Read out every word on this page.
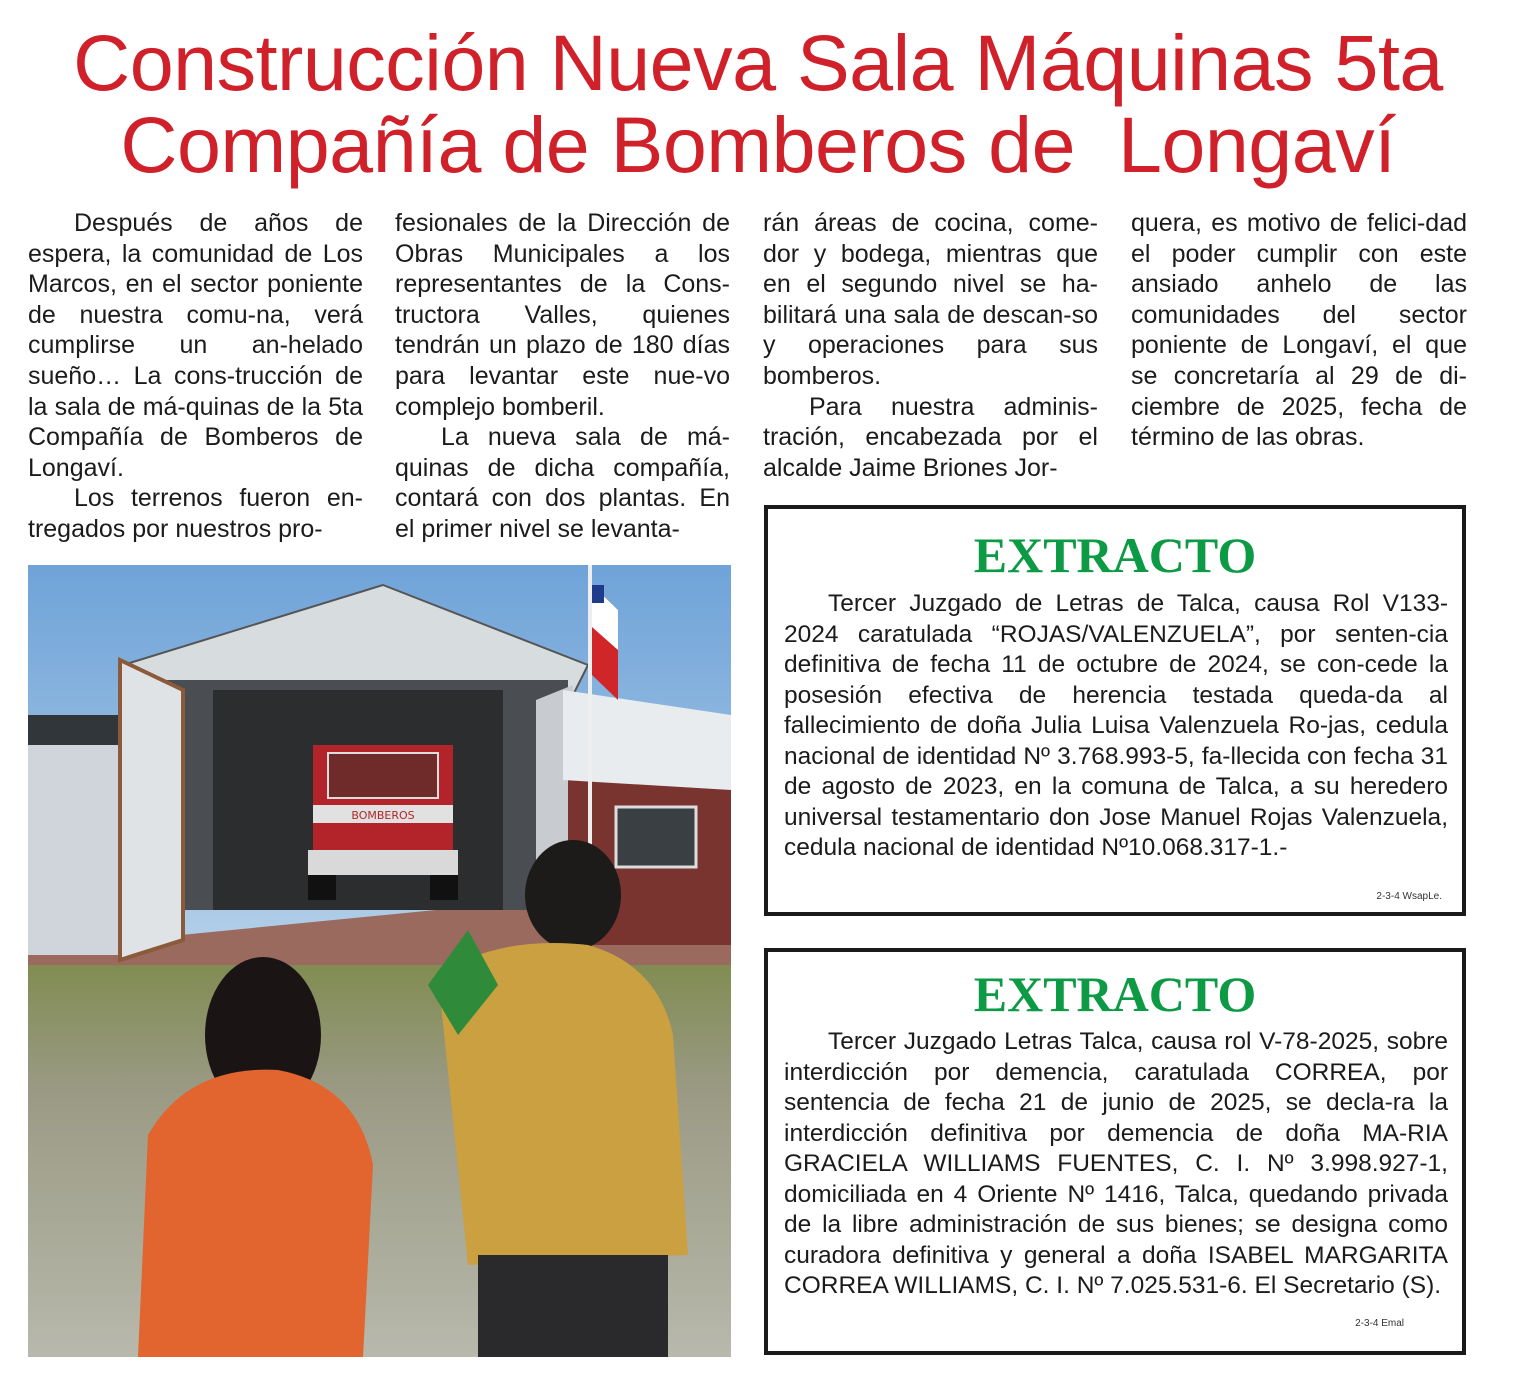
Construcción Nueva Sala Máquinas 5ta
Compañía de Bomberos de  Longaví

Después de años de espera, la comunidad de Los Marcos, en el sector poniente de nuestra comu-na, verá cumplirse un an-helado sueño… La cons-trucción de la sala de má-quinas de la 5ta Compañía de Bomberos de Longaví.

Los terrenos fueron en-tregados por nuestros pro-

fesionales de la Dirección de Obras Municipales a los representantes de la Cons-tructora Valles, quienes tendrán un plazo de 180 días para levantar este nue-vo complejo bomberil.

La nueva sala de má-quinas de dicha compañía, contará con dos plantas. En el primer nivel se levanta-

rán áreas de cocina, come-dor y bodega, mientras que en el segundo nivel se ha-bilitará una sala de descan-so y operaciones para sus bomberos.

Para nuestra adminis-tración, encabezada por el alcalde Jaime Briones Jor-

quera, es motivo de felici-dad el poder cumplir con este ansiado anhelo de las comunidades del sector poniente de Longaví, el que se concretaría al 29 de di-ciembre de 2025, fecha de término de las obras.

BOMBEROS
EXTRACTO

Tercer Juzgado de Letras de Talca, causa Rol V133-2024 caratulada “ROJAS/VALENZUELA”, por senten-cia definitiva de fecha 11 de octubre de 2024, se con-cede la posesión efectiva de herencia testada queda-da al fallecimiento de doña Julia Luisa Valenzuela Ro-jas, cedula nacional de identidad Nº 3.768.993-5, fa-llecida con fecha 31 de agosto de 2023, en la comuna de Talca, a su heredero universal testamentario don Jose Manuel Rojas Valenzuela, cedula nacional de identidad Nº10.068.317-1.-

2-3-4 WsapLe.
EXTRACTO

Tercer Juzgado Letras Talca, causa rol V-78-2025, sobre interdicción por demencia, caratulada CORREA, por sentencia de fecha 21 de junio de 2025, se decla-ra la interdicción definitiva por demencia de doña MA-RIA GRACIELA WILLIAMS FUENTES, C. I. Nº 3.998.927-1, domiciliada en 4 Oriente Nº 1416, Talca, quedando privada de la libre administración de sus bienes; se designa como curadora definitiva y general a doña ISABEL MARGARITA CORREA WILLIAMS, C. I. Nº 7.025.531-6. El Secretario (S).

2-3-4 Emal
